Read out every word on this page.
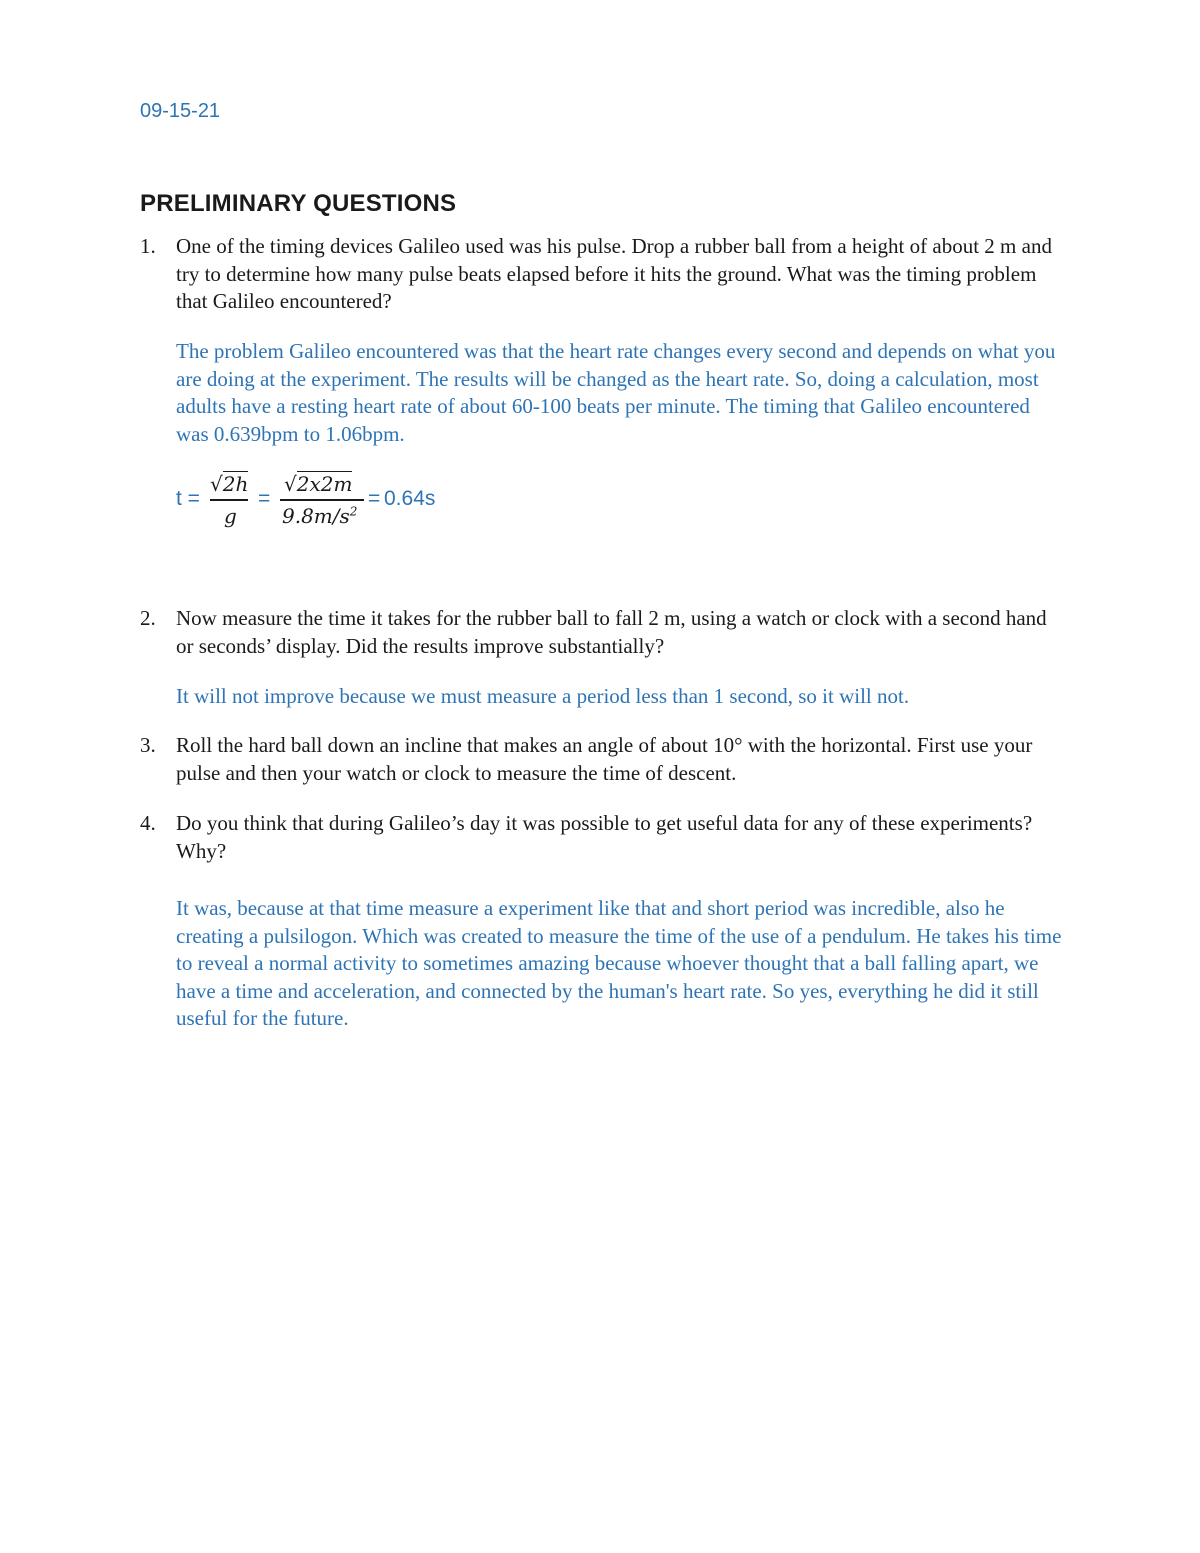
09-15-21
PRELIMINARY QUESTIONS
1. One of the timing devices Galileo used was his pulse. Drop a rubber ball from a height of about 2 m and try to determine how many pulse beats elapsed before it hits the ground. What was the timing problem that Galileo encountered?
The problem Galileo encountered was that the heart rate changes every second and depends on what you are doing at the experiment. The results will be changed as the heart rate. So, doing a calculation, most adults have a resting heart rate of about 60-100 beats per minute. The timing that Galileo encountered was 0.639bpm to 1.06bpm.
t =
√2h
g
=
√2x2m
$9.8m/s^2$
= 0.64s
2. Now measure the time it takes for the rubber ball to fall 2 m, using a watch or clock with a second hand or seconds’ display. Did the results improve substantially?
It will not improve because we must measure a period less than 1 second, so it will not.
3. Roll the hard ball down an incline that makes an angle of about 10° with the horizontal. First use your pulse and then your watch or clock to measure the time of descent.
4. Do you think that during Galileo’s day it was possible to get useful data for any of these experiments? Why?
It was, because at that time measure a experiment like that and short period was incredible, also he creating a pulsilogon. Which was created to measure the time of the use of a pendulum. He takes his time to reveal a normal activity to sometimes amazing because whoever thought that a ball falling apart, we have a time and acceleration, and connected by the human's heart rate. So yes, everything he did it still useful for the future.
